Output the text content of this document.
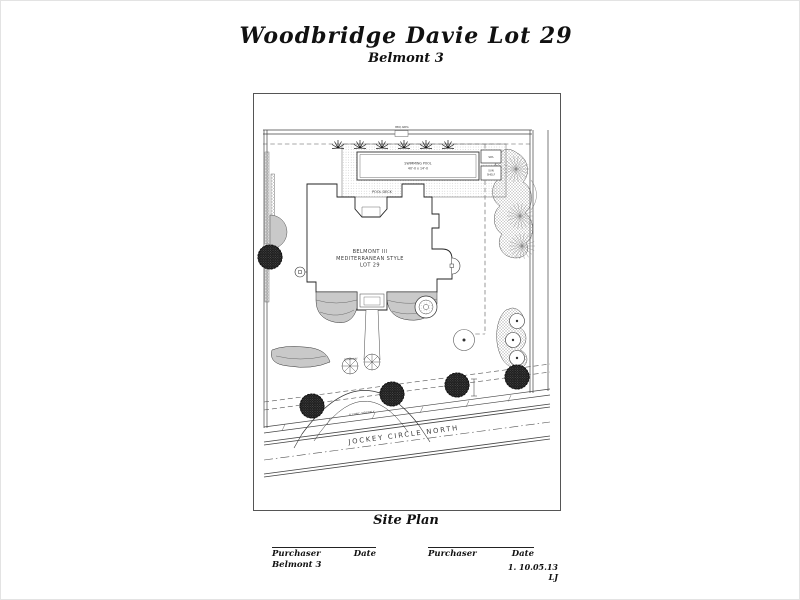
Woodbridge Davie Lot 29
Belmont 3
BBQ AREA
SWIMMING POOL
40'-0 x 14'-0
SPA
SUN
SHELF
POOL DECK
BELMONT III
MEDITERRANEAN STYLE
LOT 29
DRIVEWAY
4' CONC. SIDEWALK
JOCKEY CIRCLE NORTH
Site Plan
Purchaser	Date
Belmont 3
Purchaser	Date
1. 10.05.13 LJ
